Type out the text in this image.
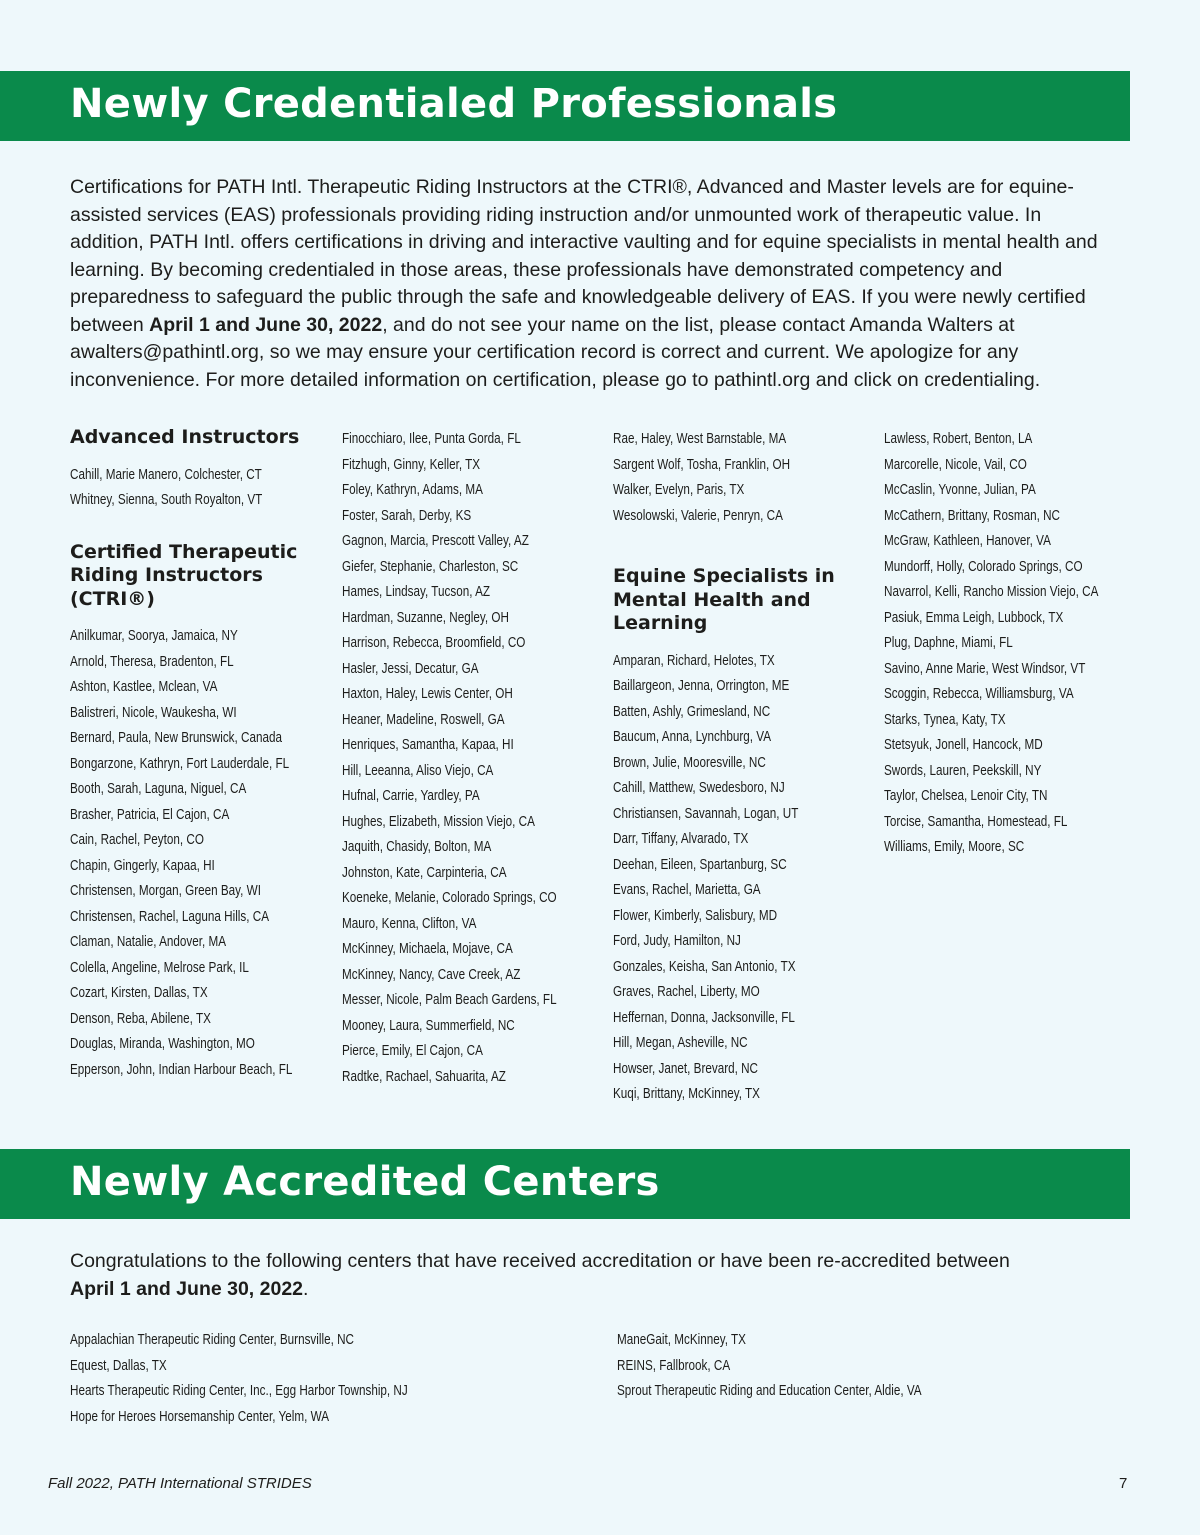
Newly Credentialed Professionals

Certifications for PATH Intl. Therapeutic Riding Instructors at the CTRI®, Advanced and Master levels are for equine-assisted services (EAS) professionals providing riding instruction and/or unmounted work of therapeutic value. In addition, PATH Intl. offers certifications in driving and interactive vaulting and for equine specialists in mental health and learning. By becoming credentialed in those areas, these professionals have demonstrated competency and preparedness to safeguard the public through the safe and knowledgeable delivery of EAS. If you were newly certified between April 1 and June 30, 2022, and do not see your name on the list, please contact Amanda Walters at awalters@pathintl.org, so we may ensure your certification record is correct and current. We apologize for any inconvenience. For more detailed information on certification, please go to pathintl.org and click on credentialing.

Advanced Instructors
Cahill, Marie Manero, Colchester, CT
Whitney, Sienna, South Royalton, VT
Certified Therapeutic
Riding Instructors
(CTRI®)
Anilkumar, Soorya, Jamaica, NY
Arnold, Theresa, Bradenton, FL
Ashton, Kastlee, Mclean, VA
Balistreri, Nicole, Waukesha, WI
Bernard, Paula, New Brunswick, Canada
Bongarzone, Kathryn, Fort Lauderdale, FL
Booth, Sarah, Laguna, Niguel, CA
Brasher, Patricia, El Cajon, CA
Cain, Rachel, Peyton, CO
Chapin, Gingerly, Kapaa, HI
Christensen, Morgan, Green Bay, WI
Christensen, Rachel, Laguna Hills, CA
Claman, Natalie, Andover, MA
Colella, Angeline, Melrose Park, IL
Cozart, Kirsten, Dallas, TX
Denson, Reba, Abilene, TX
Douglas, Miranda, Washington, MO
Epperson, John, Indian Harbour Beach, FL
Finocchiaro, Ilee, Punta Gorda, FL
Fitzhugh, Ginny, Keller, TX
Foley, Kathryn, Adams, MA
Foster, Sarah, Derby, KS
Gagnon, Marcia, Prescott Valley, AZ
Giefer, Stephanie, Charleston, SC
Hames, Lindsay, Tucson, AZ
Hardman, Suzanne, Negley, OH
Harrison, Rebecca, Broomfield, CO
Hasler, Jessi, Decatur, GA
Haxton, Haley, Lewis Center, OH
Heaner, Madeline, Roswell, GA
Henriques, Samantha, Kapaa, HI
Hill, Leeanna, Aliso Viejo, CA
Hufnal, Carrie, Yardley, PA
Hughes, Elizabeth, Mission Viejo, CA
Jaquith, Chasidy, Bolton, MA
Johnston, Kate, Carpinteria, CA
Koeneke, Melanie, Colorado Springs, CO
Mauro, Kenna, Clifton, VA
McKinney, Michaela, Mojave, CA
McKinney, Nancy, Cave Creek, AZ
Messer, Nicole, Palm Beach Gardens, FL
Mooney, Laura, Summerfield, NC
Pierce, Emily, El Cajon, CA
Radtke, Rachael, Sahuarita, AZ
Rae, Haley, West Barnstable, MA
Sargent Wolf, Tosha, Franklin, OH
Walker, Evelyn, Paris, TX
Wesolowski, Valerie, Penryn, CA
Equine Specialists in
Mental Health and
Learning
Amparan, Richard, Helotes, TX
Baillargeon, Jenna, Orrington, ME
Batten, Ashly, Grimesland, NC
Baucum, Anna, Lynchburg, VA
Brown, Julie, Mooresville, NC
Cahill, Matthew, Swedesboro, NJ
Christiansen, Savannah, Logan, UT
Darr, Tiffany, Alvarado, TX
Deehan, Eileen, Spartanburg, SC
Evans, Rachel, Marietta, GA
Flower, Kimberly, Salisbury, MD
Ford, Judy, Hamilton, NJ
Gonzales, Keisha, San Antonio, TX
Graves, Rachel, Liberty, MO
Heffernan, Donna, Jacksonville, FL
Hill, Megan, Asheville, NC
Howser, Janet, Brevard, NC
Kuqi, Brittany, McKinney, TX
Lawless, Robert, Benton, LA
Marcorelle, Nicole, Vail, CO
McCaslin, Yvonne, Julian, PA
McCathern, Brittany, Rosman, NC
McGraw, Kathleen, Hanover, VA
Mundorff, Holly, Colorado Springs, CO
Navarrol, Kelli, Rancho Mission Viejo, CA
Pasiuk, Emma Leigh, Lubbock, TX
Plug, Daphne, Miami, FL
Savino, Anne Marie, West Windsor, VT
Scoggin, Rebecca, Williamsburg, VA
Starks, Tynea, Katy, TX
Stetsyuk, Jonell, Hancock, MD
Swords, Lauren, Peekskill, NY
Taylor, Chelsea, Lenoir City, TN
Torcise, Samantha, Homestead, FL
Williams, Emily, Moore, SC
Newly Accredited Centers

Congratulations to the following centers that have received accreditation or have been re-accredited between
April 1 and June 30, 2022.

Appalachian Therapeutic Riding Center, Burnsville, NC
Equest, Dallas, TX
Hearts Therapeutic Riding Center, Inc., Egg Harbor Township, NJ
Hope for Heroes Horsemanship Center, Yelm, WA
ManeGait, McKinney, TX
REINS, Fallbrook, CA
Sprout Therapeutic Riding and Education Center, Aldie, VA
Fall 2022, PATH International STRIDES	7
